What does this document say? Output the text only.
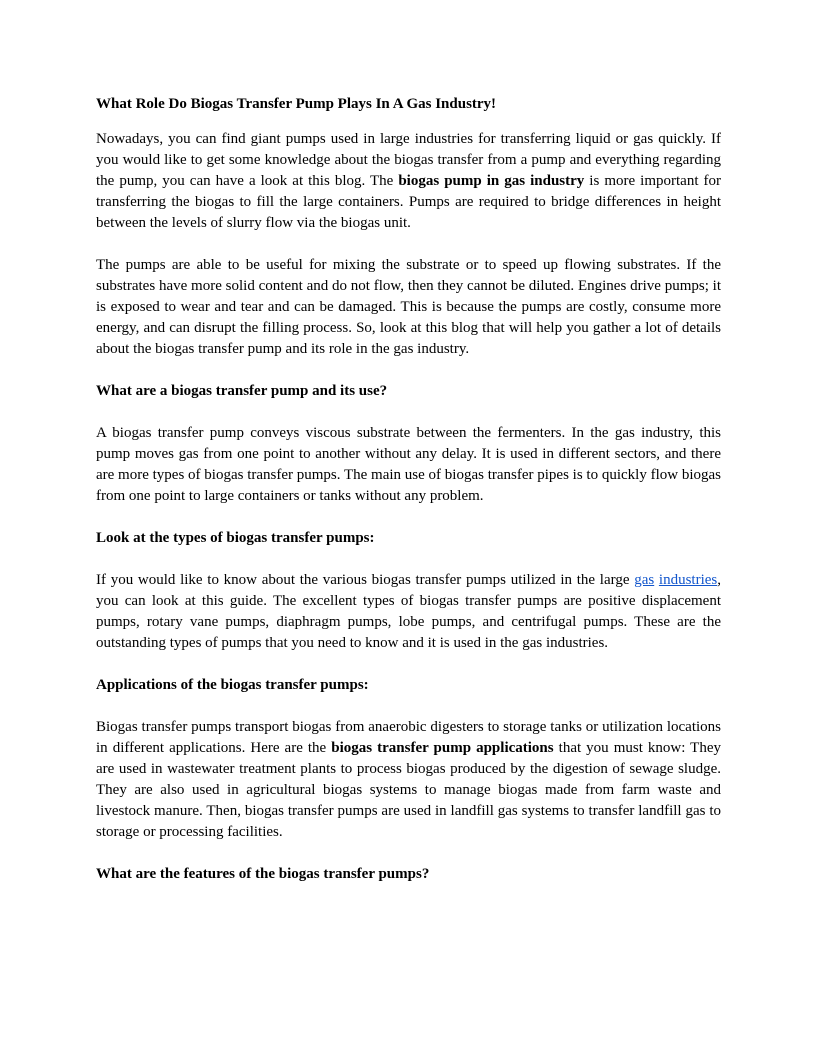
What Role Do Biogas Transfer Pump Plays In A Gas Industry!

Nowadays, you can find giant pumps used in large industries for transferring liquid or gas quickly. If you would like to get some knowledge about the biogas transfer from a pump and everything regarding the pump, you can have a look at this blog. The biogas pump in gas industry is more important for transferring the biogas to fill the large containers. Pumps are required to bridge differences in height between the levels of slurry flow via the biogas unit.

The pumps are able to be useful for mixing the substrate or to speed up flowing substrates. If the substrates have more solid content and do not flow, then they cannot be diluted. Engines drive pumps; it is exposed to wear and tear and can be damaged. This is because the pumps are costly, consume more energy, and can disrupt the filling process. So, look at this blog that will help you gather a lot of details about the biogas transfer pump and its role in the gas industry.

What are a biogas transfer pump and its use?

A biogas transfer pump conveys viscous substrate between the fermenters. In the gas industry, this pump moves gas from one point to another without any delay. It is used in different sectors, and there are more types of biogas transfer pumps. The main use of biogas transfer pipes is to quickly flow biogas from one point to large containers or tanks without any problem.

Look at the types of biogas transfer pumps:

If you would like to know about the various biogas transfer pumps utilized in the large gas industries, you can look at this guide. The excellent types of biogas transfer pumps are positive displacement pumps, rotary vane pumps, diaphragm pumps, lobe pumps, and centrifugal pumps. These are the outstanding types of pumps that you need to know and it is used in the gas industries.

Applications of the biogas transfer pumps:

Biogas transfer pumps transport biogas from anaerobic digesters to storage tanks or utilization locations in different applications. Here are the biogas transfer pump applications that you must know: They are used in wastewater treatment plants to process biogas produced by the digestion of sewage sludge. They are also used in agricultural biogas systems to manage biogas made from farm waste and livestock manure. Then, biogas transfer pumps are used in landfill gas systems to transfer landfill gas to storage or processing facilities.

What are the features of the biogas transfer pumps?
